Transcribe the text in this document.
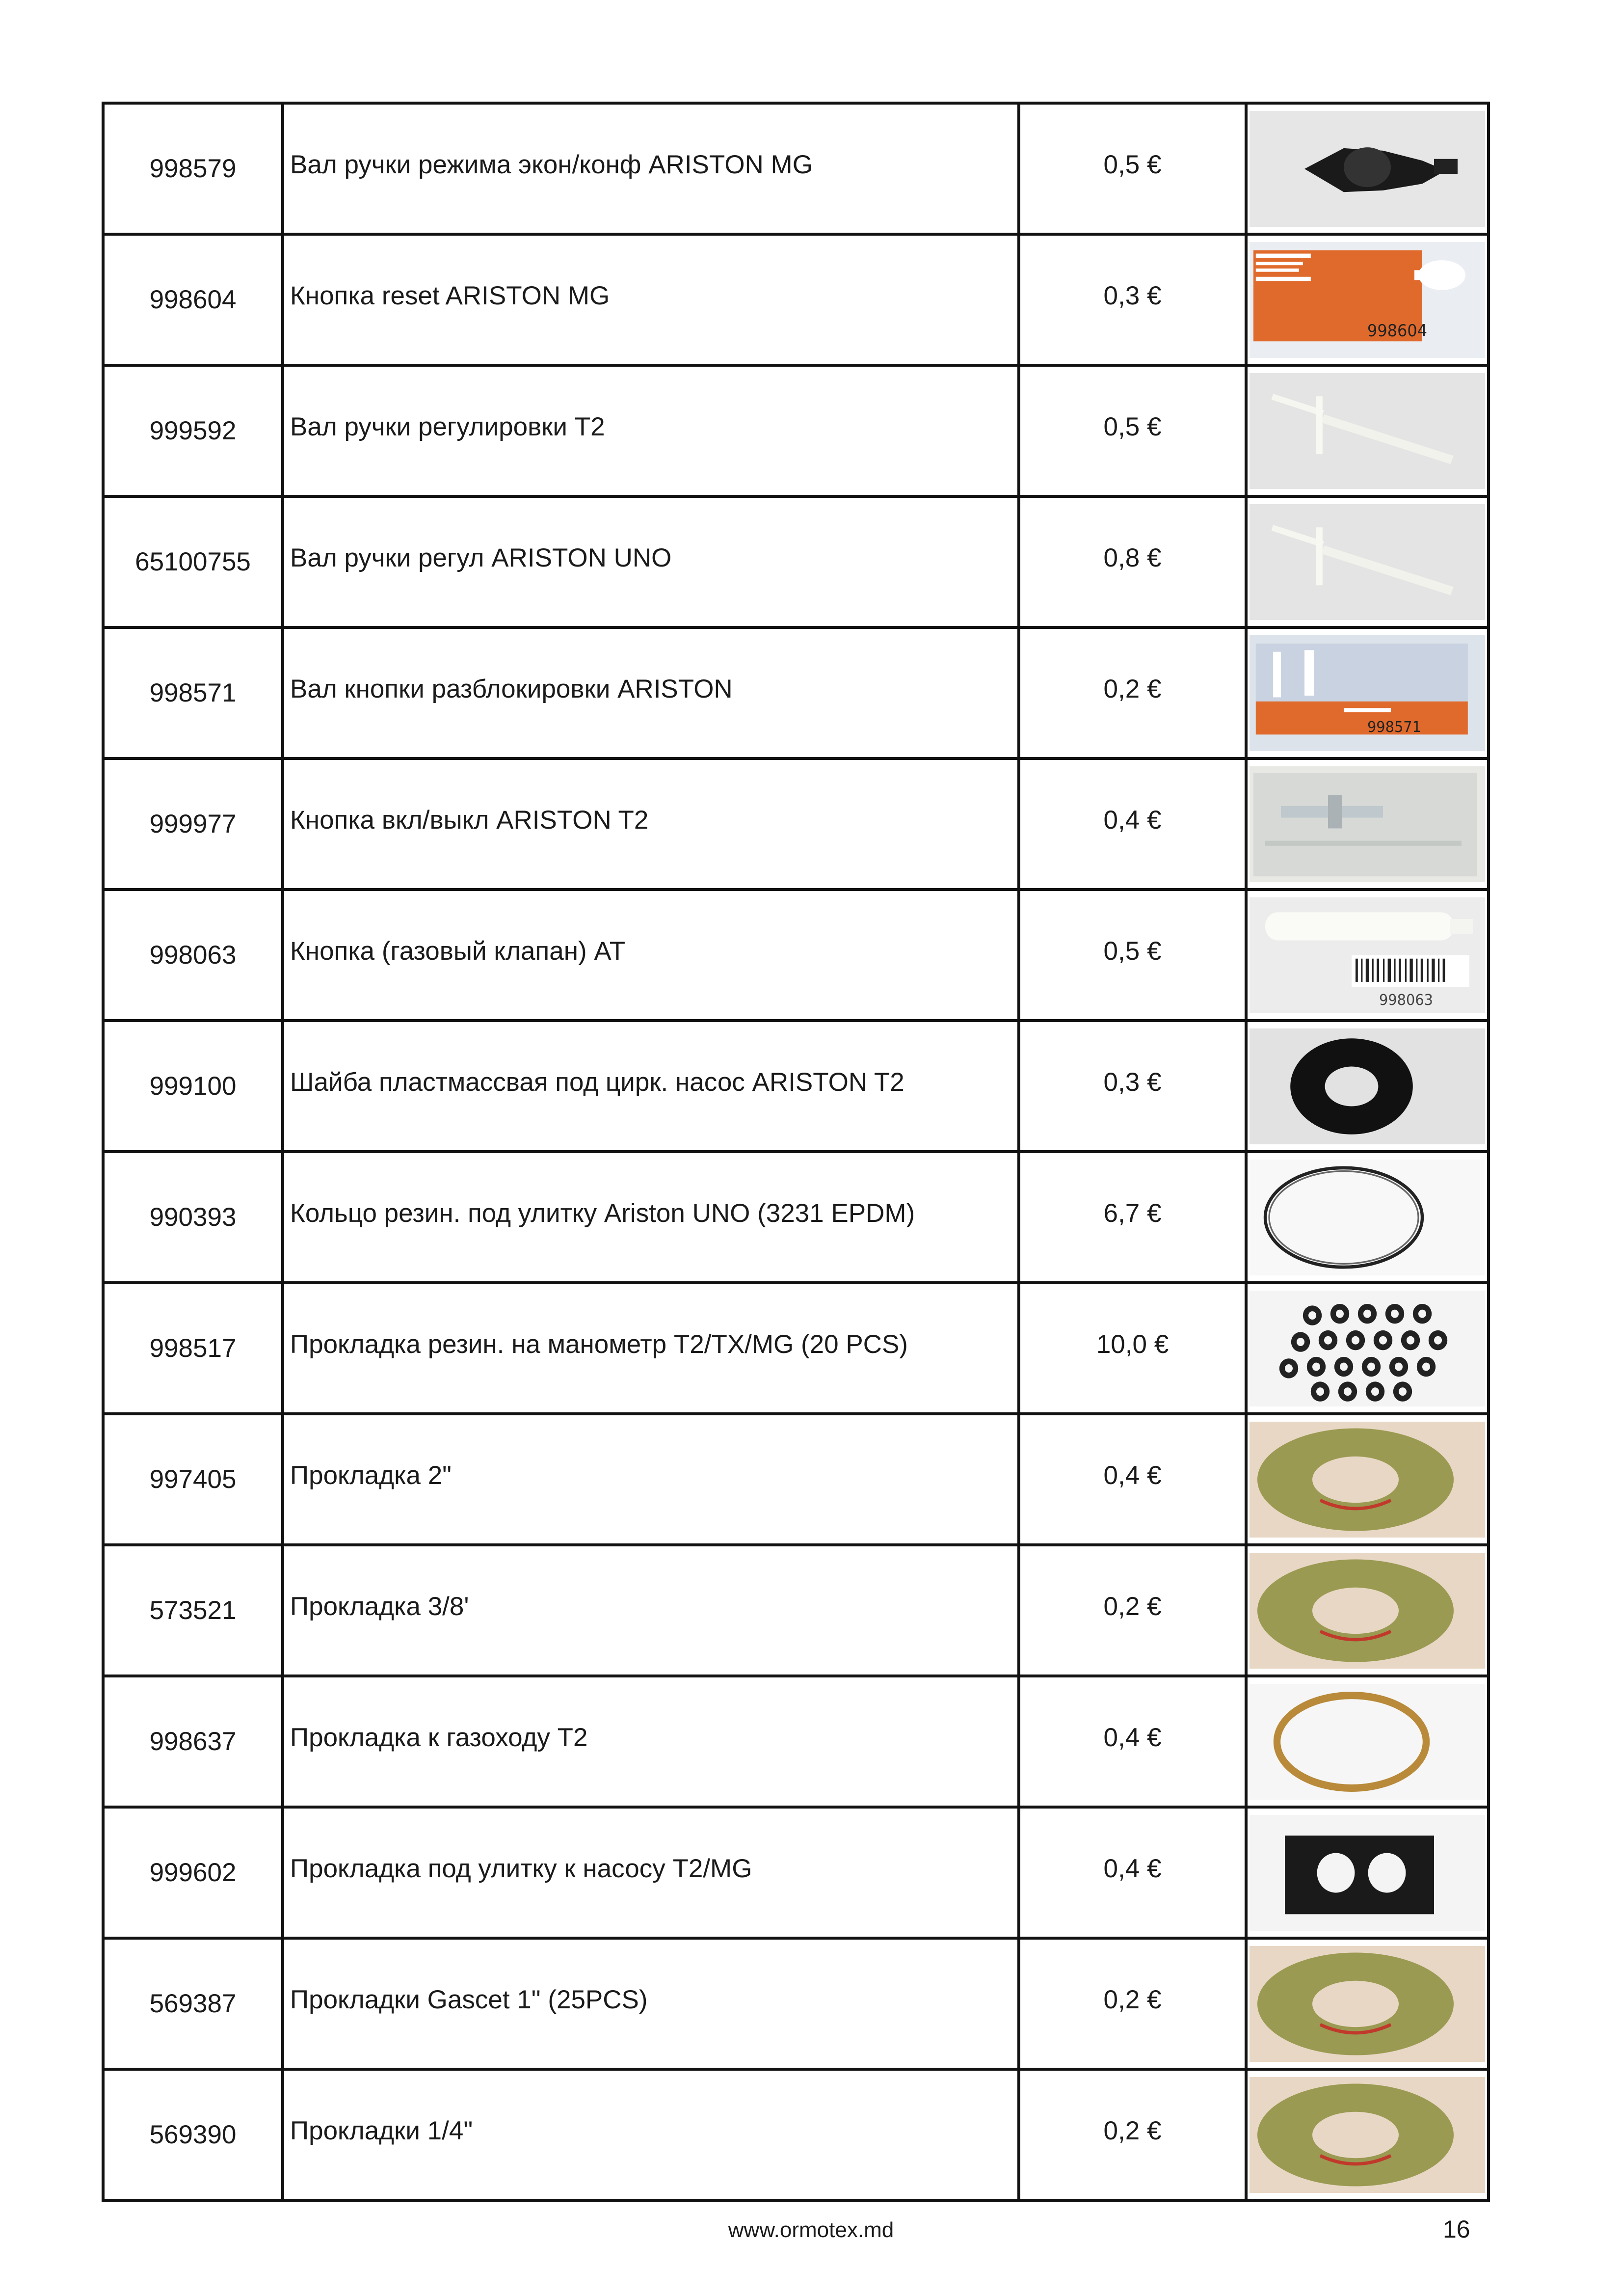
998579	Вал ручки режима экон/конф ARISTON MG	0,5 €	

998604	Кнопка reset ARISTON MG	0,3 €	998604

999592	Вал ручки регулировки Т2	0,5 €	

65100755	Вал ручки регул ARISTON UNO	0,8 €	

998571	Вал кнопки разблокировки ARISTON	0,2 €	998571

999977	Кнопка вкл/выкл ARISTON T2	0,4 €	

998063	Кнопка (газовый клапан) AT	0,5 €	998063

999100	Шайба пластмассвая под цирк. насос ARISTON T2	0,3 €	

990393	Кольцо резин. под улитку Ariston UNO (3231 EPDM)	6,7 €	

998517	Прокладка резин. на манометр T2/TX/MG (20 PCS)	10,0 €	

997405	Прокладка 2"	0,4 €	

573521	Прокладка 3/8'	0,2 €	

998637	Прокладка к газоходу Т2	0,4 €	

999602	Прокладка под улитку к насосу T2/MG	0,4 €	

569387	Прокладки Gascet 1" (25PCS)	0,2 €	

569390	Прокладки 1/4"	0,2 €	
www.ormotex.md	16
